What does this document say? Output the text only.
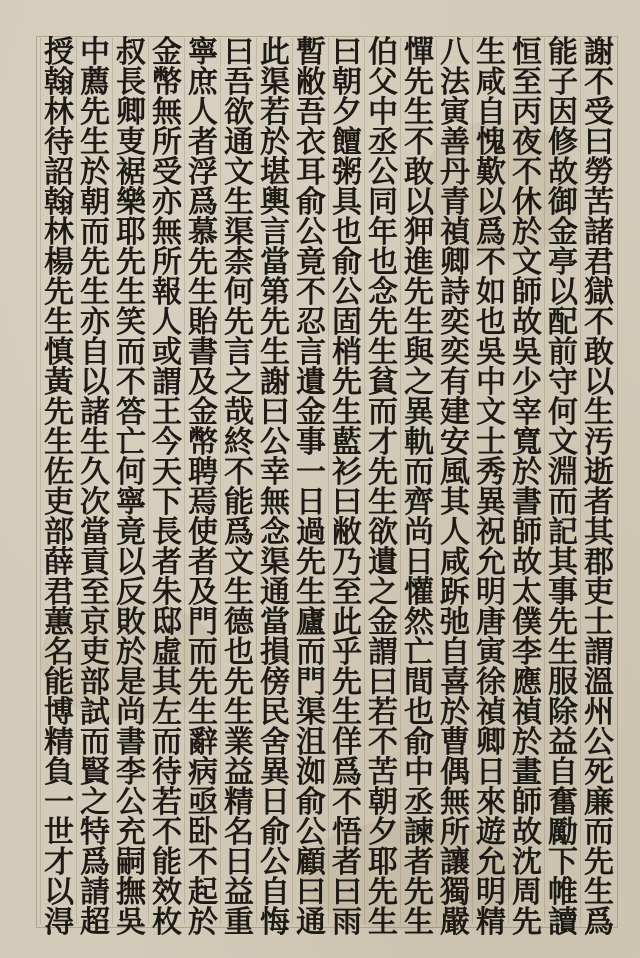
謝
不
受
曰
勞
苦
諸
君
獄
不
敢
以
生
汚
逝
者
其
郡
吏
士
謂
溫
州
公
死
廉
而
先
生
爲
能
子
因
修
故
御
金
亭
以
配
前
守
何
文
淵
而
記
其
事
先
生
服
除
益
自
奮
勵
下
帷
讀
恒
至
丙
夜
不
休
於
文
師
故
吳
少
宰
寬
於
書
師
故
太
僕
李
應
禎
於
畫
師
故
沈
周
先
生
咸
自
愧
歎
以
爲
不
如
也
吳
中
文
士
秀
異
祝
允
明
唐
寅
徐
禎
卿
日
來
遊
允
明
精
八
法
寅
善
丹
青
禎
卿
詩
奕
奕
有
建
安
風
其
人
咸
跅
弛
自
喜
於
曹
偶
無
所
讓
獨
嚴
憚
先
生
不
敢
以
狎
進
先
生
與
之
異
軌
而
齊
尚
日
懽
然
亡
間
也
俞
中
丞
諫
者
先
生
伯
父
中
丞
公
同
年
也
念
先
生
貧
而
才
先
生
欲
遺
之
金
謂
曰
若
不
苦
朝
夕
耶
先
生
曰
朝
夕
饘
粥
具
也
俞
公
固
梢
先
生
藍
衫
曰
敝
乃
至
此
乎
先
生
佯
爲
不
悟
者
曰
雨
暫
敝
吾
衣
耳
俞
公
竟
不
忍
言
遺
金
事
一
日
過
先
生
廬
而
門
渠
沮
洳
俞
公
顧
曰
通
此
渠
若
於
堪
輿
言
當
第
先
生
謝
曰
公
幸
無
念
渠
通
當
損
傍
民
舍
異
日
俞
公
自
悔
曰
吾
欲
通
文
生
渠
柰
何
先
言
之
哉
終
不
能
爲
文
生
德
也
先
生
業
益
精
名
日
益
重
寧
庶
人
者
浮
爲
慕
先
生
貽
書
及
金
幣
聘
焉
使
者
及
門
而
先
生
辭
病
亟
卧
不
起
於
金
幣
無
所
受
亦
無
所
報
人
或
謂
王
今
天
下
長
者
朱
邸
虛
其
左
而
待
若
不
能
效
枚
叔
長
卿
叓
裾
樂
耶
先
生
笑
而
不
答
亡
何
寧
竟
以
反
敗
於
是
尚
書
李
公
充
嗣
撫
吳
中
薦
先
生
於
朝
而
先
生
亦
自
以
諸
生
久
次
當
貢
至
京
吏
部
試
而
賢
之
特
爲
請
超
授
翰
林
待
詔
翰
林
楊
先
生
慎
黃
先
生
佐
吏
部
薛
君
蕙
名
能
博
精
負
一
世
才
以
淂
